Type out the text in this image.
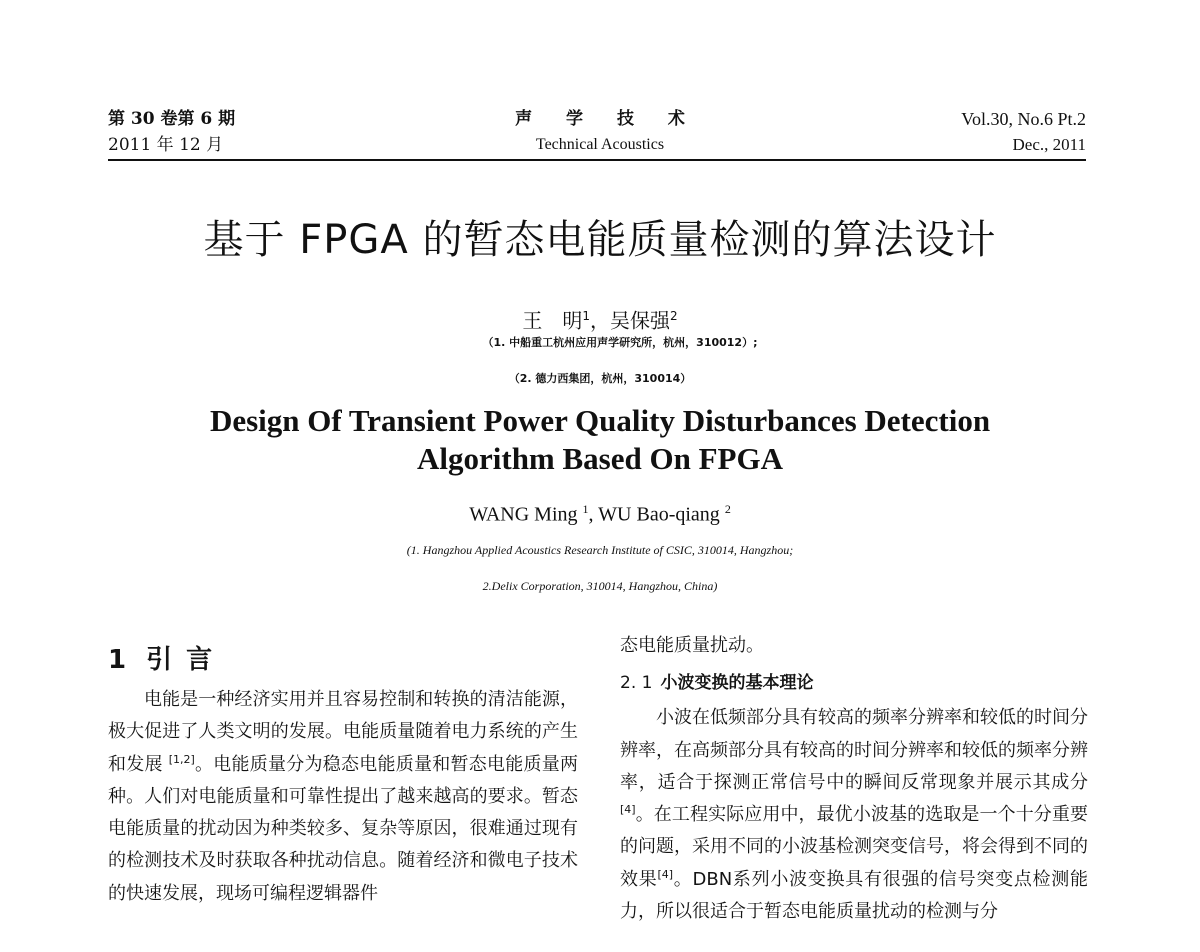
第 30 卷第 6 期
2011 年 12 月
声 学 技 术
Technical Acoustics
Vol.30, No.6 Pt.2
Dec., 2011
基于 FPGA 的暂态电能质量检测的算法设计
王　明$^1$，吴保强$^2$
（1. 中船重工杭州应用声学研究所，杭州，310012）;
（2. 德力西集团，杭州，310014）
Design Of Transient Power Quality Disturbances Detection
Algorithm Based On FPGA
WANG Ming $^1$, WU Bao-qiang $^2$
(1. Hangzhou Applied Acoustics Research Institute of CSIC, 310014, Hangzhou;
2.Delix Corporation, 310014, Hangzhou, China)
1 引言

电能是一种经济实用并且容易控制和转换的清洁能源，极大促进了人类文明的发展。电能质量随着电力系统的产生和发展 [1,2]。电能质量分为稳态电能质量和暂态电能质量两种。人们对电能质量和可靠性提出了越来越高的要求。暂态电能质量的扰动因为种类较多、复杂等原因，很难通过现有的检测技术及时获取各种扰动信息。随着经济和微电子技术的快速发展，现场可编程逻辑器件

态电能质量扰动。

2. 1 小波变换的基本理论

小波在低频部分具有较高的频率分辨率和较低的时间分辨率，在高频部分具有较高的时间分辨率和较低的频率分辨率，适合于探测正常信号中的瞬间反常现象并展示其成分[4]。在工程实际应用中，最优小波基的选取是一个十分重要的问题，采用不同的小波基检测突变信号，将会得到不同的效果[4]。DBN系列小波变换具有很强的信号突变点检测能力，所以很适合于暂态电能质量扰动的检测与分
